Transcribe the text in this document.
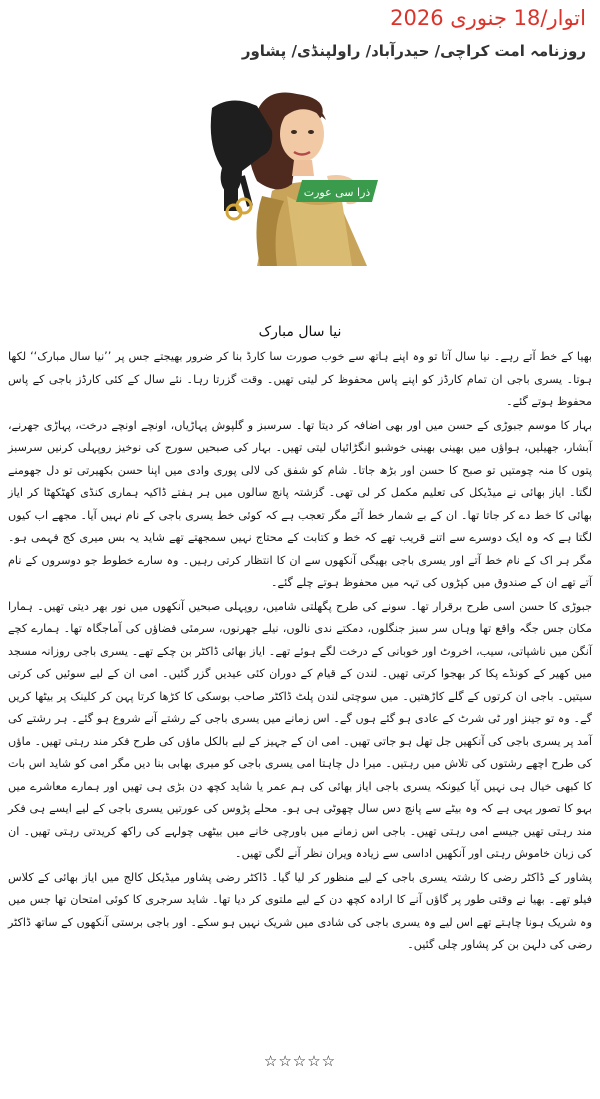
اتوار/18 جنوری 2026
روزنامہ امت کراچی/ حیدرآباد/ راولپنڈی/ پشاور
ذرا سی عورت
نیا سال مبارک

بھیا کے خط آتے رہے۔ نیا سال آتا تو وہ اپنے ہاتھ سے خوب صورت سا کارڈ بنا کر ضرور بھیجتے جس پر ’’نیا سال مبارک‘‘ لکھا ہوتا۔ یسری باجی ان تمام کارڈز کو اپنے پاس محفوظ کر لیتی تھیں۔ وقت گزرتا رہا۔ نئے سال کے کئی کارڈز باجی کے پاس محفوظ ہوتے گئے۔

بہار کا موسم جبوڑی کے حسن میں اور بھی اضافہ کر دیتا تھا۔ سرسبز و گلپوش پہاڑیاں، اونچے اونچے درخت، پہاڑی جھرنے، آبشار، جھیلیں، ہواؤں میں بھینی بھینی خوشبو انگڑائیاں لیتی تھیں۔ بہار کی صبحیں سورج کی نوخیز روپہلی کرنیں سرسبز پتوں کا منہ چومتیں تو صبح کا حسن اور بڑھ جاتا۔ شام کو شفق کی لالی پوری وادی میں اپنا حسن بکھیرتی تو دل جھومنے لگتا۔ ایاز بھائی نے میڈیکل کی تعلیم مکمل کر لی تھی۔ گزشتہ پانچ سالوں میں ہر ہفتے ڈاکیہ ہماری کنڈی کھٹکھٹا کر ایاز بھائی کا خط دے کر جاتا تھا۔ ان کے بے شمار خط آئے مگر تعجب ہے کہ کوئی خط یسری باجی کے نام نہیں آیا۔ مجھے اب کیوں لگتا ہے کہ وہ ایک دوسرے سے اتنے قریب تھے کہ خط و کتابت کے محتاج نہیں سمجھتے تھے شاید یہ بس میری کج فہمی ہو۔ مگر ہر اک کے نام خط آتے اور یسری باجی بھیگی آنکھوں سے ان کا انتظار کرتی رہیں۔ وہ سارے خطوط جو دوسروں کے نام آتے تھے ان کے صندوق میں کپڑوں کی تہہ میں محفوظ ہوتے چلے گئے۔

جبوڑی کا حسن اسی طرح برقرار تھا۔ سونے کی طرح پگھلتی شامیں، روپہلی صبحیں آنکھوں میں نور بھر دیتی تھیں۔ ہمارا مکان جس جگہ واقع تھا وہاں سر سبز جنگلوں، دمکتے ندی نالوں، نیلے جھرنوں، سرمئی فضاؤں کی آماجگاہ تھا۔ ہمارے کچے آنگن میں ناشپاتی، سیب، اخروٹ اور خوبانی کے درخت لگے ہوئے تھے۔ ایاز بھائی ڈاکٹر بن چکے تھے۔ یسری باجی روزانہ مسجد میں کھیر کے کونڈے پکا کر بھجوا کرتی تھیں۔ لندن کے قیام کے دوران کئی عیدیں گزر گئیں۔ امی ان کے لیے سوئیں کی کرتی سیتیں۔ باجی ان کرتوں کے گلے کاڑھتیں۔ میں سوچتی لندن پلٹ ڈاکٹر صاحب بوسکی کا کڑھا کرتا پہن کر کلینک پر بیٹھا کریں گے۔ وہ تو جینز اور ٹی شرٹ کے عادی ہو گئے ہوں گے۔ اس زمانے میں یسری باجی کے رشتے آنے شروع ہو گئے۔ ہر رشتے کی آمد پر یسری باجی کی آنکھیں جل تھل ہو جاتی تھیں۔ امی ان کے جہیز کے لیے بالکل ماؤں کی طرح فکر مند رہتی تھیں۔ ماؤں کی طرح اچھے رشتوں کی تلاش میں رہتیں۔ میرا دل چاہتا امی یسری باجی کو میری بھابی بنا دیں مگر امی کو شاید اس بات کا کبھی خیال ہی نہیں آیا کیونکہ یسری باجی ایاز بھائی کی ہم عمر یا شاید کچھ دن بڑی ہی تھیں اور ہمارے معاشرے میں بہو کا تصور یہی ہے کہ وہ بیٹے سے پانچ دس سال چھوٹی ہی ہو۔ محلے پڑوس کی عورتیں یسری باجی کے لیے ایسے ہی فکر مند رہتی تھیں جیسے امی رہتی تھیں۔ باجی اس زمانے میں باورچی خانے میں بیٹھی چولہے کی راکھ کریدتی رہتی تھیں۔ ان کی زبان خاموش رہتی اور آنکھیں اداسی سے زیادہ ویران نظر آنے لگی تھیں۔

پشاور کے ڈاکٹر رضی کا رشتہ یسری باجی کے لیے منظور کر لیا گیا۔ ڈاکٹر رضی پشاور میڈیکل کالج میں ایاز بھائی کے کلاس فیلو تھے۔ بھیا نے وقتی طور پر گاؤں آنے کا ارادہ کچھ دن کے لیے ملتوی کر دیا تھا۔ شاید سرجری کا کوئی امتحان تھا جس میں وہ شریک ہونا چاہتے تھے اس لیے وہ یسری باجی کی شادی میں شریک نہیں ہو سکے۔ اور باجی برستی آنکھوں کے ساتھ ڈاکٹر رضی کی دلہن بن کر پشاور چلی گئیں۔

☆☆☆☆☆
